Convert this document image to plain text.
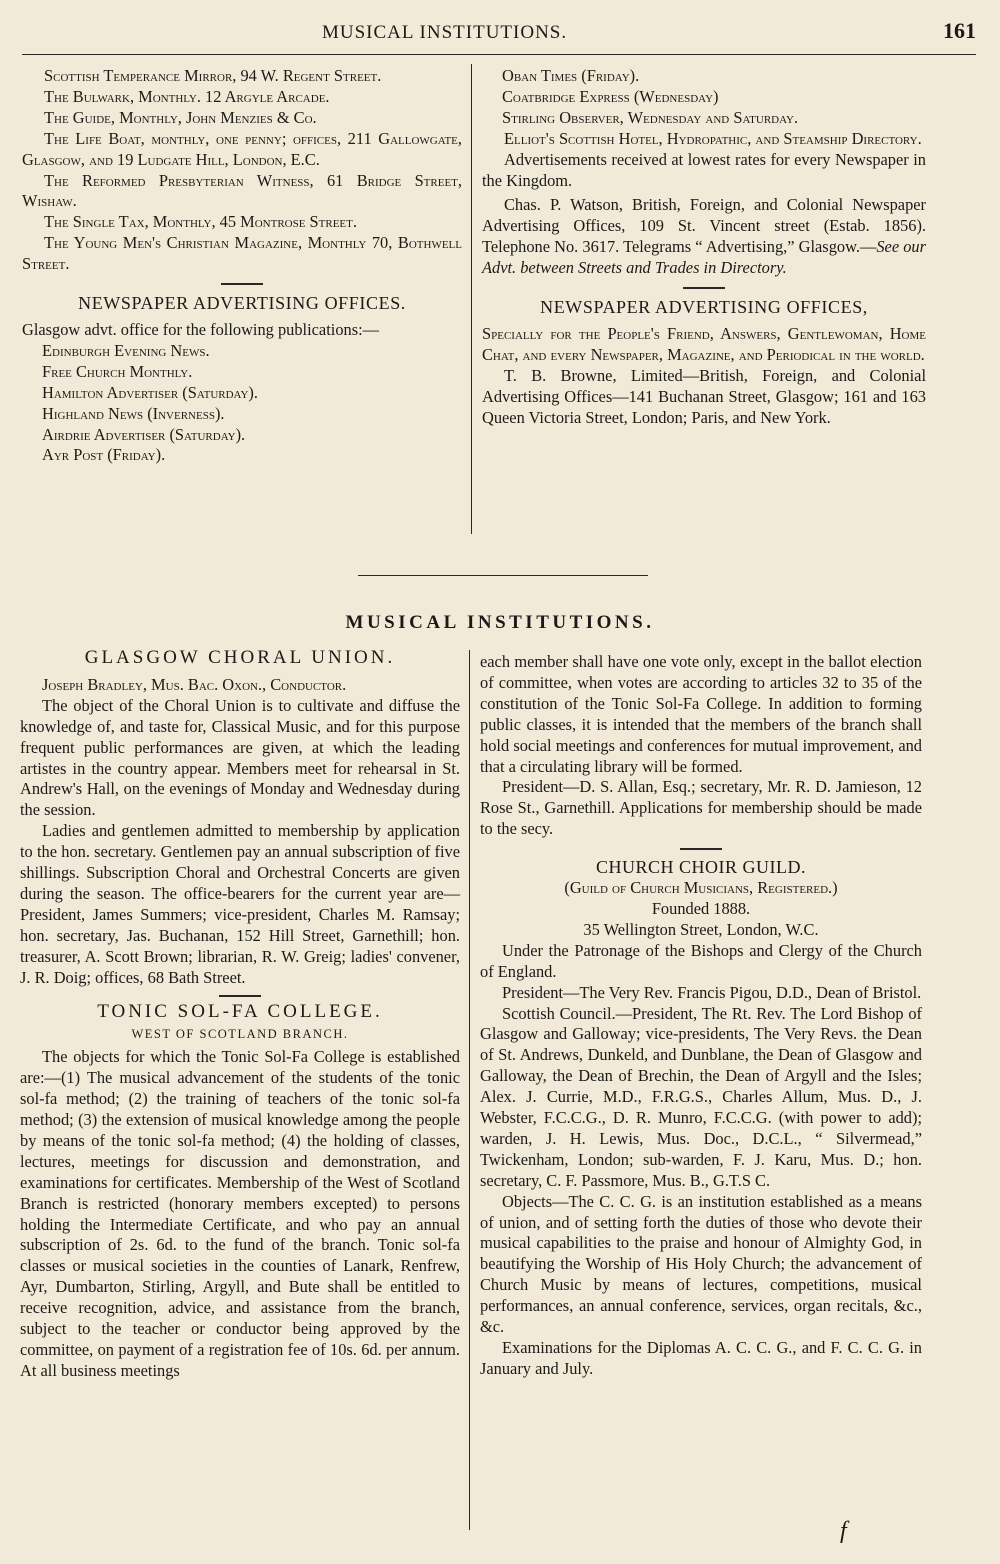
MUSICAL INSTITUTIONS.	161

Scottish Temperance Mirror, 94 W. Regent Street.

The Bulwark, Monthly. 12 Argyle Arcade.

The Guide, Monthly, John Menzies & Co.

The Life Boat, monthly, one penny; offices, 211 Gallowgate, Glasgow, and 19 Ludgate Hill, London, E.C.

The Reformed Presbyterian Witness, 61 Bridge Street, Wishaw.

The Single Tax, Monthly, 45 Montrose Street.

The Young Men's Christian Magazine, Monthly 70, Bothwell Street.

NEWSPAPER ADVERTISING OFFICES.

Glasgow advt. office for the following publications:—

Edinburgh Evening News.

Free Church Monthly.

Hamilton Advertiser (Saturday).

Highland News (Inverness).

Airdrie Advertiser (Saturday).

Ayr Post (Friday).

Oban Times (Friday).

Coatbridge Express (Wednesday)

Stirling Observer, Wednesday and Saturday.

Elliot's Scottish Hotel, Hydropathic, and Steamship Directory.

Advertisements received at lowest rates for every Newspaper in the Kingdom.

Chas. P. Watson, British, Foreign, and Colonial Newspaper Advertising Offices, 109 St. Vincent street (Estab. 1856). Telephone No. 3617. Telegrams “ Advertising,” Glasgow.—See our Advt. between Streets and Trades in Directory.

NEWSPAPER ADVERTISING OFFICES,

Specially for the People's Friend, Answers, Gentlewoman, Home Chat, and every Newspaper, Magazine, and Periodical in the world.

T. B. Browne, Limited—British, Foreign, and Colonial Advertising Offices—141 Buchanan Street, Glasgow; 161 and 163 Queen Victoria Street, London; Paris, and New York.

MUSICAL INSTITUTIONS.
GLASGOW CHORAL UNION.

Joseph Bradley, Mus. Bac. Oxon., Conductor.

The object of the Choral Union is to cultivate and diffuse the knowledge of, and taste for, Classical Music, and for this purpose frequent public performances are given, at which the leading artistes in the country appear. Members meet for rehearsal in St. Andrew's Hall, on the evenings of Monday and Wednesday during the session.

Ladies and gentlemen admitted to membership by application to the hon. secretary. Gentlemen pay an annual subscription of five shillings. Subscription Choral and Orchestral Concerts are given during the season. The office-bearers for the current year are—President, James Summers; vice-president, Charles M. Ramsay; hon. secretary, Jas. Buchanan, 152 Hill Street, Garnethill; hon. treasurer, A. Scott Brown; librarian, R. W. Greig; ladies' convener, J. R. Doig; offices, 68 Bath Street.

TONIC SOL-FA COLLEGE.
WEST OF SCOTLAND BRANCH.

The objects for which the Tonic Sol-Fa College is established are:—(1) The musical advancement of the students of the tonic sol-fa method; (2) the training of teachers of the tonic sol-fa method; (3) the extension of musical knowledge among the people by means of the tonic sol-fa method; (4) the holding of classes, lectures, meetings for discussion and demonstration, and examinations for certificates. Membership of the West of Scotland Branch is restricted (honorary members excepted) to persons holding the Intermediate Certificate, and who pay an annual subscription of 2s. 6d. to the fund of the branch. Tonic sol-fa classes or musical societies in the counties of Lanark, Renfrew, Ayr, Dumbarton, Stirling, Argyll, and Bute shall be entitled to receive recognition, advice, and assistance from the branch, subject to the teacher or conductor being approved by the committee, on payment of a registration fee of 10s. 6d. per annum. At all business meetings

each member shall have one vote only, except in the ballot election of committee, when votes are according to articles 32 to 35 of the constitution of the Tonic Sol-Fa College. In addition to forming public classes, it is intended that the members of the branch shall hold social meetings and conferences for mutual improvement, and that a circulating library will be formed.

President—D. S. Allan, Esq.; secretary, Mr. R. D. Jamieson, 12 Rose St., Garnethill. Applications for membership should be made to the secy.

CHURCH CHOIR GUILD.

(Guild of Church Musicians, Registered.)

Founded 1888.

35 Wellington Street, London, W.C.

Under the Patronage of the Bishops and Clergy of the Church of England.

President—The Very Rev. Francis Pigou, D.D., Dean of Bristol.

Scottish Council.—President, The Rt. Rev. The Lord Bishop of Glasgow and Galloway; vice-presidents, The Very Revs. the Dean of St. Andrews, Dunkeld, and Dunblane, the Dean of Glasgow and Galloway, the Dean of Brechin, the Dean of Argyll and the Isles; Alex. J. Currie, M.D., F.R.G.S., Charles Allum, Mus. D., J. Webster, F.C.C.G., D. R. Munro, F.C.C.G. (with power to add); warden, J. H. Lewis, Mus. Doc., D.C.L., “ Silvermead,” Twickenham, London; sub-warden, F. J. Karu, Mus. D.; hon. secretary, C. F. Passmore, Mus. B., G.T.S C.

Objects—The C. C. G. is an institution established as a means of union, and of setting forth the duties of those who devote their musical capabilities to the praise and honour of Almighty God, in beautifying the Worship of His Holy Church; the advancement of Church Music by means of lectures, competitions, musical performances, an annual conference, services, organ recitals, &c., &c.

Examinations for the Diplomas A. C. C. G., and F. C. C. G. in January and July.

f
